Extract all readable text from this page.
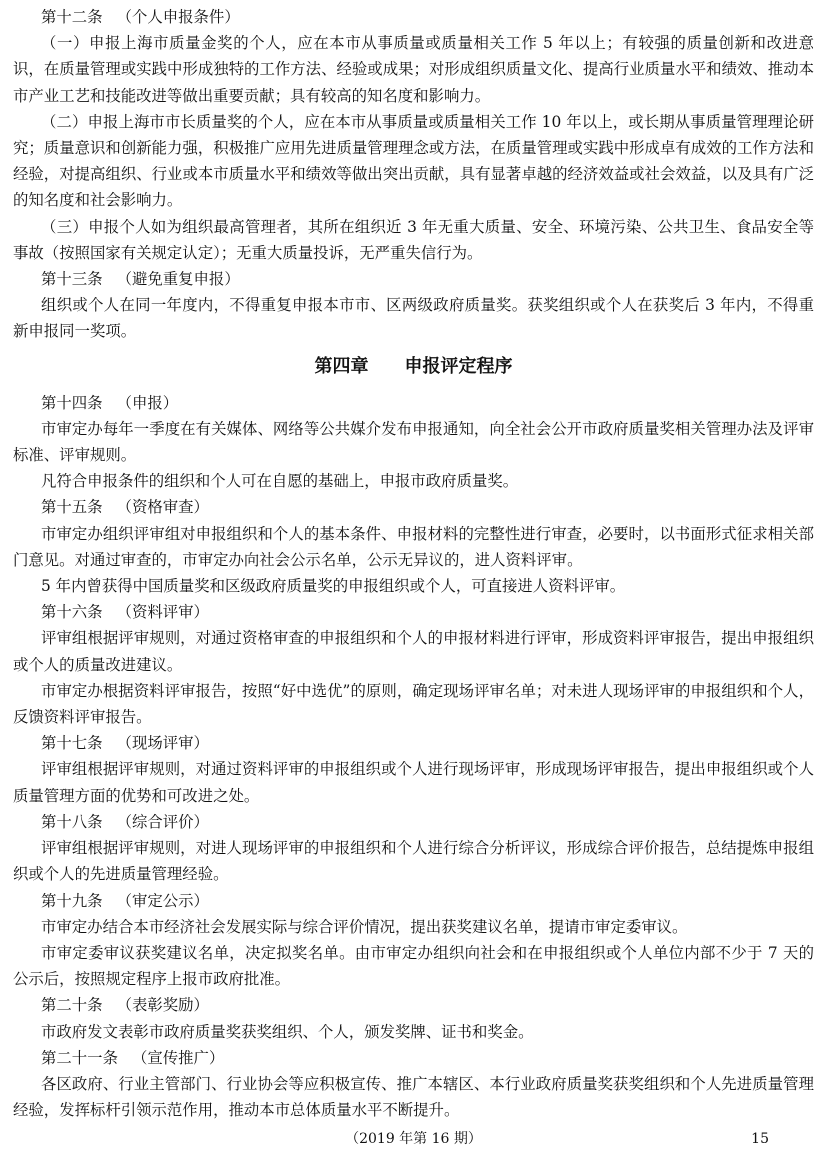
第十二条 （个人申报条件）

（一）申报上海市质量金奖的个人，应在本市从事质量或质量相关工作 5 年以上；有较强的质量创新和改进意识，在质量管理或实践中形成独特的工作方法、经验或成果；对形成组织质量文化、提高行业质量水平和绩效、推动本市产业工艺和技能改进等做出重要贡献；具有较高的知名度和影响力。

（二）申报上海市市长质量奖的个人，应在本市从事质量或质量相关工作 10 年以上，或长期从事质量管理理论研究；质量意识和创新能力强，积极推广应用先进质量管理理念或方法，在质量管理或实践中形成卓有成效的工作方法和经验，对提高组织、行业或本市质量水平和绩效等做出突出贡献，具有显著卓越的经济效益或社会效益，以及具有广泛的知名度和社会影响力。

（三）申报个人如为组织最高管理者，其所在组织近 3 年无重大质量、安全、环境污染、公共卫生、食品安全等事故（按照国家有关规定认定）；无重大质量投诉，无严重失信行为。

第十三条 （避免重复申报）

组织或个人在同一年度内，不得重复申报本市市、区两级政府质量奖。获奖组织或个人在获奖后 3 年内，不得重新申报同一奖项。

第四章 申报评定程序

第十四条 （申报）

市审定办每年一季度在有关媒体、网络等公共媒介发布申报通知，向全社会公开市政府质量奖相关管理办法及评审标准、评审规则。

凡符合申报条件的组织和个人可在自愿的基础上，申报市政府质量奖。

第十五条 （资格审查）

市审定办组织评审组对申报组织和个人的基本条件、申报材料的完整性进行审查，必要时，以书面形式征求相关部门意见。对通过审查的，市审定办向社会公示名单，公示无异议的，进人资料评审。

5 年内曾获得中国质量奖和区级政府质量奖的申报组织或个人，可直接进人资料评审。

第十六条 （资料评审）

评审组根据评审规则，对通过资格审查的申报组织和个人的申报材料进行评审，形成资料评审报告，提出申报组织或个人的质量改进建议。

市审定办根据资料评审报告，按照“好中选优”的原则，确定现场评审名单；对未进人现场评审的申报组织和个人，反馈资料评审报告。

第十七条 （现场评审）

评审组根据评审规则，对通过资料评审的申报组织或个人进行现场评审，形成现场评审报告，提出申报组织或个人质量管理方面的优势和可改进之处。

第十八条 （综合评价）

评审组根据评审规则，对进人现场评审的申报组织和个人进行综合分析评议，形成综合评价报告，总结提炼申报组织或个人的先进质量管理经验。

第十九条 （审定公示）

市审定办结合本市经济社会发展实际与综合评价情况，提出获奖建议名单，提请市审定委审议。

市审定委审议获奖建议名单，决定拟奖名单。由市审定办组织向社会和在申报组织或个人单位内部不少于 7 天的公示后，按照规定程序上报市政府批准。

第二十条 （表彰奖励）

市政府发文表彰市政府质量奖获奖组织、个人，颁发奖牌、证书和奖金。

第二十一条 （宣传推广）

各区政府、行业主管部门、行业协会等应积极宣传、推广本辖区、本行业政府质量奖获奖组织和个人先进质量管理经验，发挥标杆引领示范作用，推动本市总体质量水平不断提升。

（2019 年第 16 期）	15
